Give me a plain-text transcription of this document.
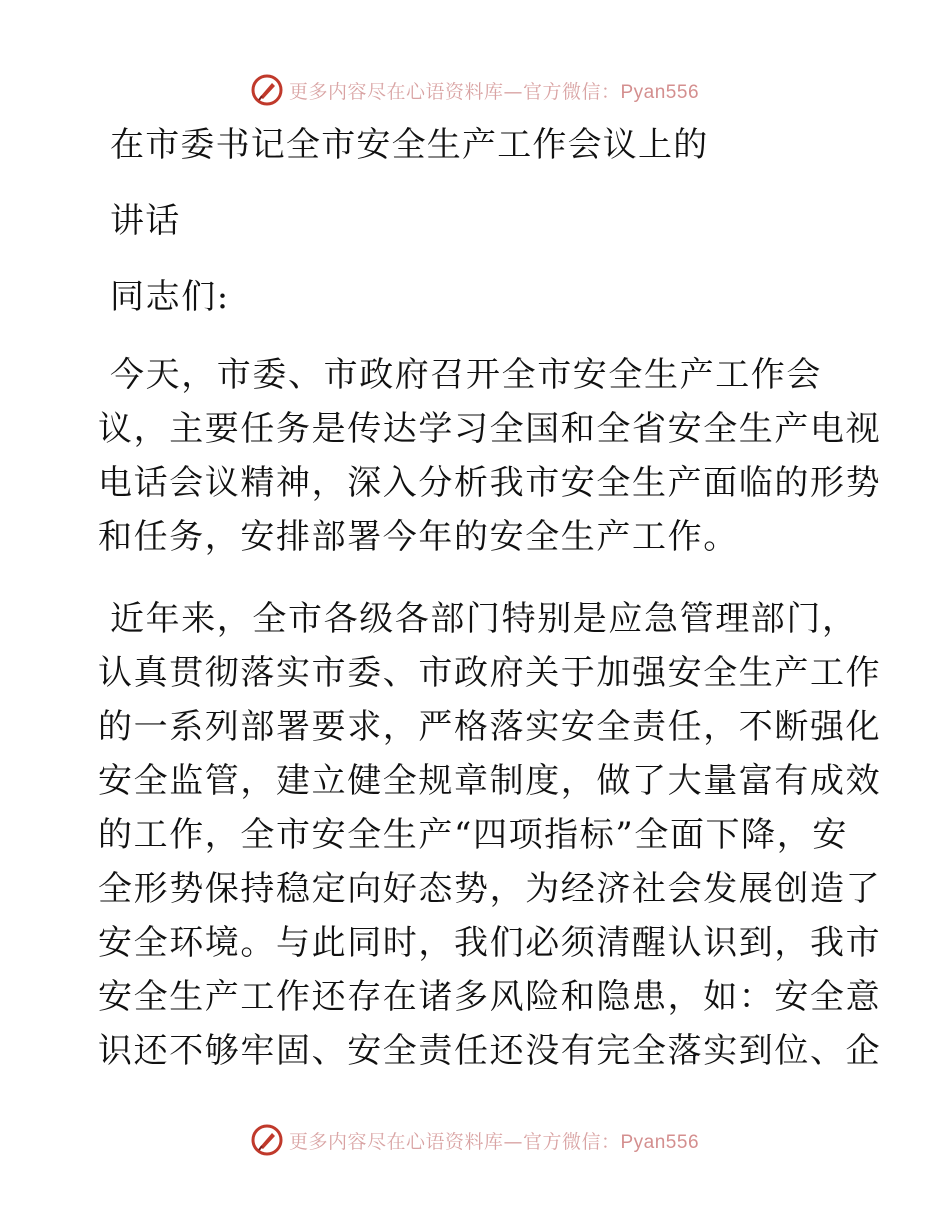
更多内容尽在心语资料库—官方微信：Pyan556
在市委书记全市安全生产工作会议上的
讲话
同志们:
今天，市委、市政府召开全市安全生产工作会
议，主要任务是传达学习全国和全省安全生产电视
电话会议精神，深入分析我市安全生产面临的形势
和任务，安排部署今年的安全生产工作。
近年来，全市各级各部门特别是应急管理部门，
认真贯彻落实市委、市政府关于加强安全生产工作
的一系列部署要求，严格落实安全责任，不断强化
安全监管，建立健全规章制度，做了大量富有成效
的工作，全市安全生产“四项指标”全面下降，安
全形势保持稳定向好态势，为经济社会发展创造了
安全环境。与此同时，我们必须清醒认识到，我市
安全生产工作还存在诸多风险和隐患，如：安全意
识还不够牢固、安全责任还没有完全落实到位、企
更多内容尽在心语资料库—官方微信：Pyan556
